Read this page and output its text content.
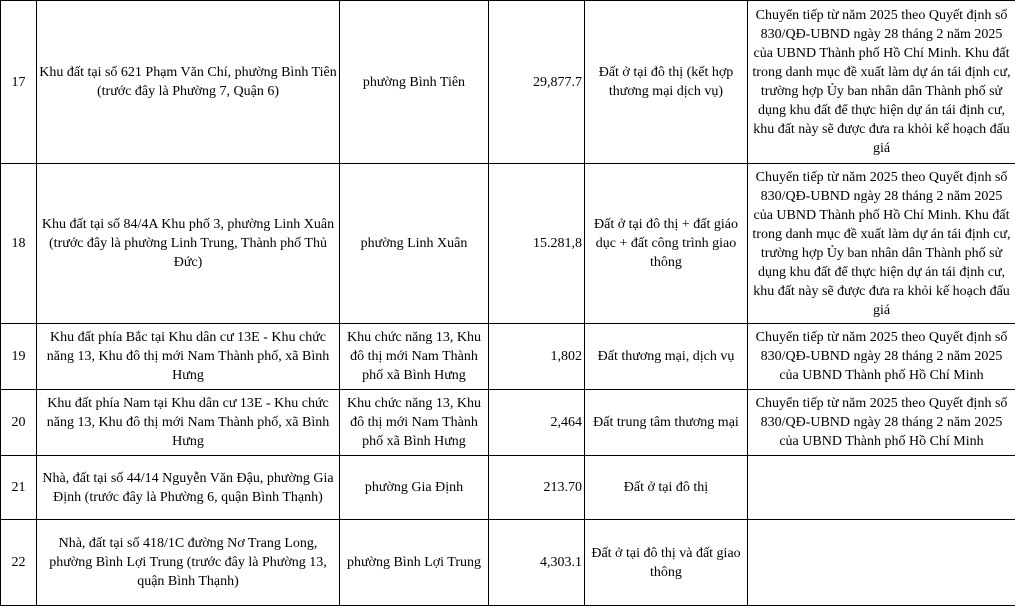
17	Khu đất tại số 621 Phạm Văn Chí, phường Bình Tiên (trước đây là Phường 7, Quận 6)	phường Bình Tiên	29,877.7	Đất ở tại đô thị (kết hợp thương mại dịch vụ)	Chuyển tiếp từ năm 2025 theo Quyết định số 830/QĐ-UBND ngày 28 tháng 2 năm 2025 của UBND Thành phố Hồ Chí Minh. Khu đất trong danh mục đề xuất làm dự án tái định cư, trường hợp Ủy ban nhân dân Thành phố sử dụng khu đất để thực hiện dự án tái định cư, khu đất này sẽ được đưa ra khỏi kế hoạch đấu giá
18	Khu đất tại số 84/4A Khu phố 3, phường Linh Xuân (trước đây là phường Linh Trung, Thành phố Thủ Đức)	phường Linh Xuân	15.281,8	Đất ở tại đô thị + đất giáo dục + đất công trình giao thông	Chuyển tiếp từ năm 2025 theo Quyết định số 830/QĐ-UBND ngày 28 tháng 2 năm 2025 của UBND Thành phố Hồ Chí Minh. Khu đất trong danh mục đề xuất làm dự án tái định cư, trường hợp Ủy ban nhân dân Thành phố sử dụng khu đất để thực hiện dự án tái định cư, khu đất này sẽ được đưa ra khỏi kế hoạch đấu giá
19	Khu đất phía Bắc tại Khu dân cư 13E - Khu chức năng 13, Khu đô thị mới Nam Thành phố, xã Bình Hưng	Khu chức năng 13, Khu đô thị mới Nam Thành phố xã Bình Hưng	1,802	Đất thương mại, dịch vụ	Chuyển tiếp từ năm 2025 theo Quyết định số 830/QĐ-UBND ngày 28 tháng 2 năm 2025 của UBND Thành phố Hồ Chí Minh
20	Khu đất phía Nam tại Khu dân cư 13E - Khu chức năng 13, Khu đô thị mới Nam Thành phố, xã Bình Hưng	Khu chức năng 13, Khu đô thị mới Nam Thành phố xã Bình Hưng	2,464	Đất trung tâm thương mại	Chuyển tiếp từ năm 2025 theo Quyết định số 830/QĐ-UBND ngày 28 tháng 2 năm 2025 của UBND Thành phố Hồ Chí Minh
21	Nhà, đất tại số 44/14 Nguyễn Văn Đậu, phường Gia Định (trước đây là Phường 6, quận Bình Thạnh)	phường Gia Định	213.70	Đất ở tại đô thị	
22	Nhà, đất tại số 418/1C đường Nơ Trang Long, phường Bình Lợi Trung (trước đây là Phường 13, quận Bình Thạnh)	phường Bình Lợi Trung	4,303.1	Đất ở tại đô thị và đất giao thông	
